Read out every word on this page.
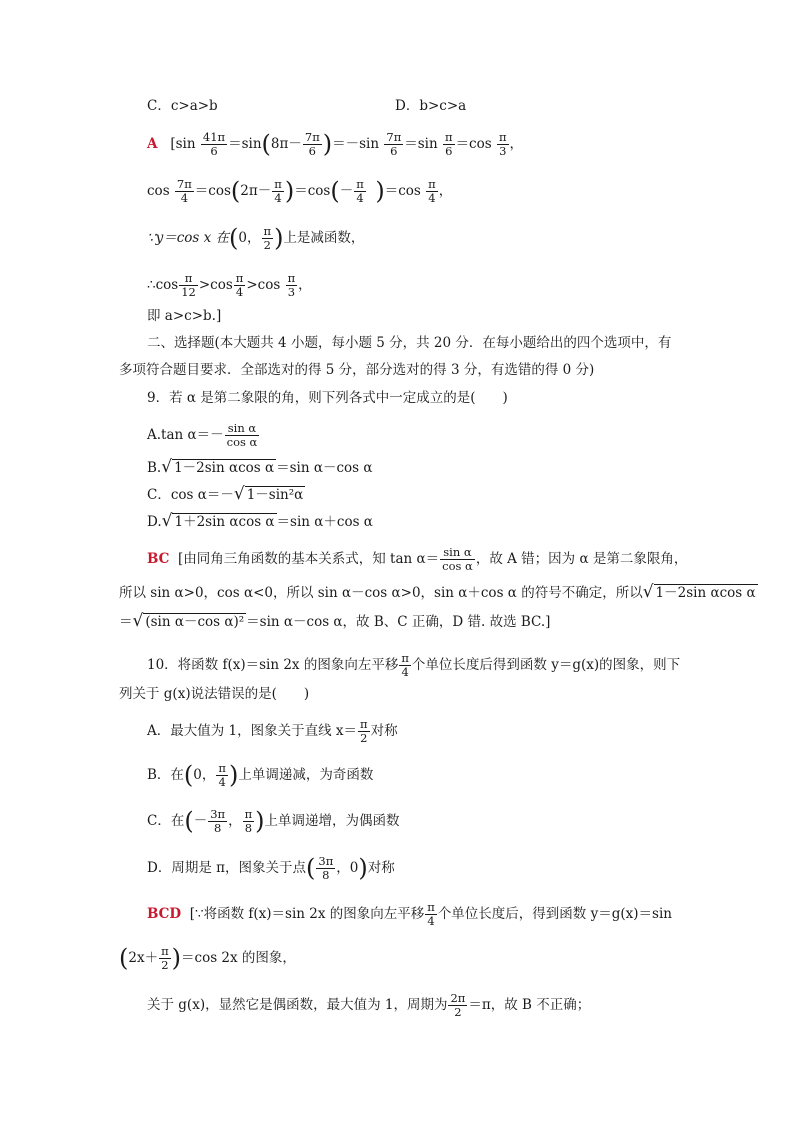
C．c>a>b	D．b>c>a
A [$\sin \frac{41\pi}{6} =\sin(8\pi- \frac{7\pi}{6} )=-\sin \frac{7\pi}{6} =\sin \frac{\pi}{6} =\cos \frac{\pi}{3}$ ，
$\cos \frac{7\pi}{4} =\cos(2\pi- \frac{\pi}{4} )=\cos(- \frac{\pi}{4} )=\cos \frac{\pi}{4}$ ，
∵y＝cos x 在(0， $\frac{\pi}{2}$ )上是减函数，
∴cos $\frac{\pi}{12} >\cos \frac{\pi}{4} >\cos \frac{\pi}{3}$ ，
即 a>c>b.]
二、选择题(本大题共 4 小题，每小题 5 分，共 20 分．在每小题给出的四个选项中，有
多项符合题目要求．全部选对的得 5 分，部分选对的得 3 分，有选错的得 0 分)
9．若 α 是第二象限的角，则下列各式中一定成立的是(　　)
A.tan $\alpha=- \frac{\text{sin α}}{\text{cos α}}$
B.√ 1－2sin αcos α ＝sin α－cos α
C．cos α＝－√ 1－sin²α
D.√ 1＋2sin αcos α ＝sin α＋cos α
BC [由同角三角函数的基本关系式，知 $\tan \alpha= \frac{\text{sin α}}{\text{cos α}}$ ，故 A 错；因为 α 是第二象限角，
所以 sin α>0，cos α<0，所以 sin α－cos α>0，sin α＋cos α 的符号不确定，所以√ 1－2sin αcos α
＝√ (sin α－cos α)² ＝sin α－cos α，故 B、C 正确，D 错. 故选 BC.]
10．将函数 f(x)＝sin 2x 的图象向左平移 $\frac{\pi}{4}$ 个单位长度后得到函数 y＝g(x)的图象，则下
列关于 g(x)说法错误的是(　　)
A．最大值为 1，图象关于直线 $x= \frac{\pi}{2}$ 对称
B．在(0， $\frac{\pi}{4}$ )上单调递减，为奇函数
C．在(－ $\frac{3\pi}{8}$ ， $\frac{\pi}{8}$ )上单调递增，为偶函数
D．周期是 π，图象关于点( $\frac{3\pi}{8}$ ，0)对称
BCD [∵将函数 f(x)＝sin 2x 的图象向左平移 $\frac{\pi}{4}$ 个单位长度后，得到函数 y＝g(x)＝sin
$(2x+ \frac{\pi}{2} )=\cos$ 2x 的图象，
关于 g(x)，显然它是偶函数，最大值为 1，周期为 $\frac{2\pi}{2} =\pi$，故 B 不正确；
